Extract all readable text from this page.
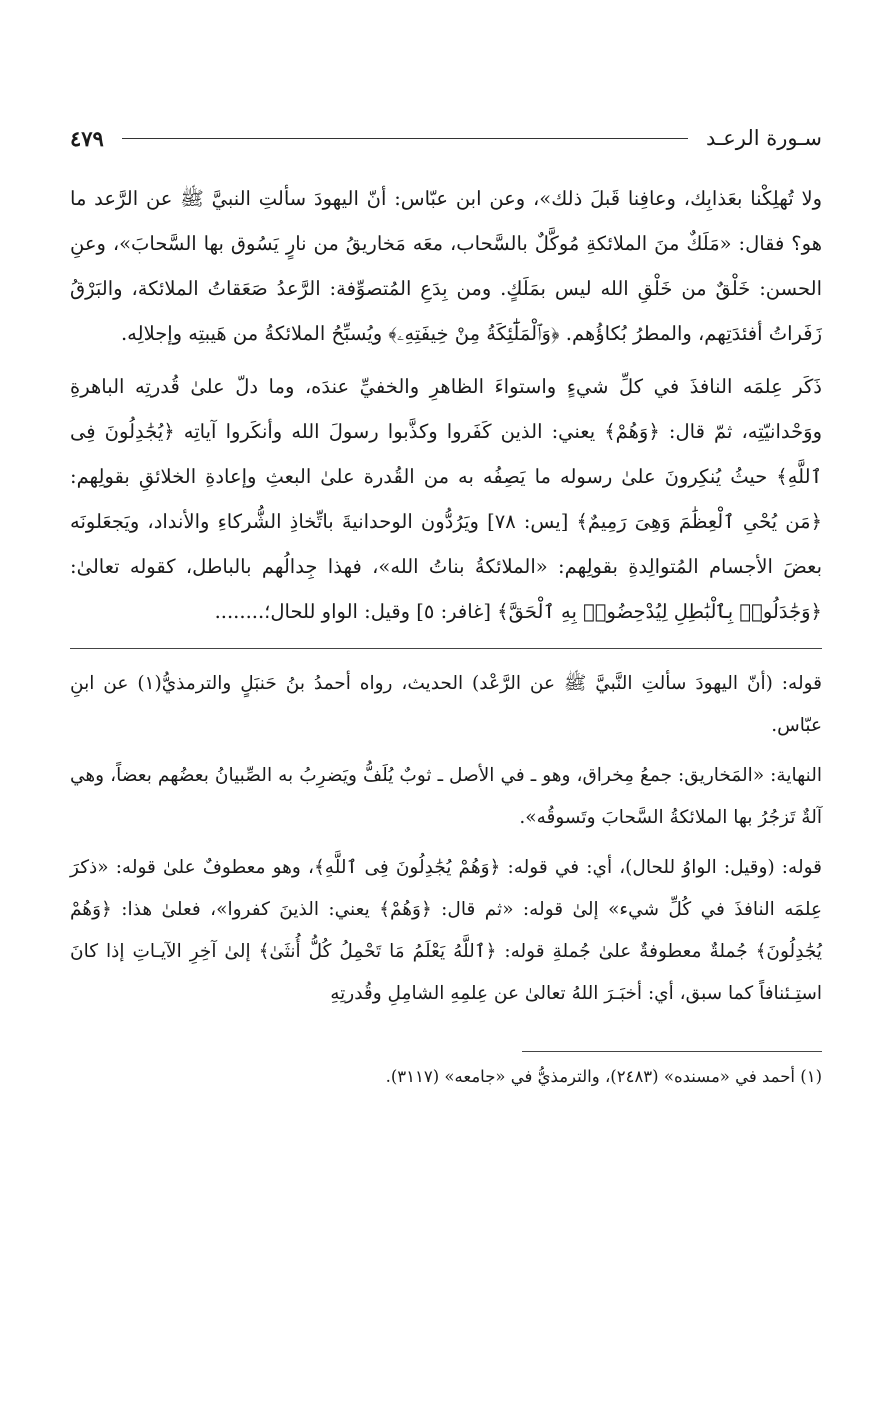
سـورة الرعـد
٤٧٩

ولا تُهلِكْنا بعَذابِك، وعافِنا قَبلَ ذلك»، وعن ابن عبّاس: أنّ اليهودَ سألتِ النبيَّ ﷺ عن الرَّعد ما هو؟ فقال: «مَلَكٌ منَ الملائكةِ مُوكَّلٌ بالسَّحاب، معَه مَخاريقُ من نارٍ يَسُوق بها السَّحابَ»، وعنِ الحسن: خَلْقٌ من خَلْقِ الله ليس بمَلَكٍ. ومن بِدَعِ المُتصوِّفة: الرَّعدُ صَعَقاتُ الملائكة، والبَرْقُ زَفَراتُ أفئدَتِهم، والمطرُ بُكاؤُهم. ﴿وَٱلْمَلَٰٓئِكَةُ مِنْ خِيفَتِهِۦ﴾ ويُسبِّحُ الملائكةُ من هَيبتِه وإجلالِه.

ذَكَر عِلمَه النافذَ في كلِّ شيءٍ واستواءَ الظاهرِ والخفيِّ عندَه، وما دلّ علىٰ قُدرتِه الباهرةِ ووَحْدانيّتِه، ثمّ قال: ﴿وَهُمْ﴾ يعني: الذين كَفَروا وكذَّبوا رسولَ الله وأنكَروا آياتِه ﴿يُجَٰدِلُونَ فِى ٱللَّهِ﴾ حيثُ يُنكِرونَ علىٰ رسوله ما يَصِفُه به من القُدرة علىٰ البعثِ وإعادةِ الخلائقِ بقولِهم: ﴿مَن يُحْىِ ٱلْعِظَٰمَ وَهِىَ رَمِيمٌ﴾ [يس: ٧٨] ويَرُدُّون الوحدانيةَ باتِّخاذِ الشُّركاءِ والأنداد، ويَجعَلونَه بعضَ الأجسام المُتوالِدةِ بقولِهم: «الملائكةُ بناتُ الله»، فهذا جِدالُهم بالباطل، كقوله تعالىٰ: ﴿وَجَٰدَلُوا۟ بِٱلْبَٰطِلِ لِيُدْحِضُوا۟ بِهِ ٱلْحَقَّ﴾ [غافر: ٥] وقيل: الواو للحال؛........

قوله: (أنّ اليهودَ سألتِ النَّبيَّ ﷺ عن الرَّعْد) الحديث، رواه أحمدُ بنُ حَنبَلٍ والترمذيُّ(١) عن ابنِ عبّاس.

النهاية: «المَخاريق: جمعُ مِخراق، وهو ـ في الأصل ـ ثوبٌ يُلَفُّ ويَضرِبُ به الصِّبيانُ بعضُهم بعضاً، وهي آلةٌ تَزجُرُ بها الملائكةُ السَّحابَ وتَسوقُه».

قوله: (وقيل: الواوُ للحال)، أي: في قوله: ﴿وَهُمْ يُجَٰدِلُونَ فِى ٱللَّهِ﴾، وهو معطوفٌ علىٰ قوله: «ذكرَ عِلمَه النافذَ في كُلِّ شيء» إلىٰ قوله: «ثم قال: ﴿وَهُمْ﴾ يعني: الذينَ كفروا»، فعلىٰ هذا: ﴿وَهُمْ يُجَٰدِلُونَ﴾ جُملةٌ معطوفةٌ علىٰ جُملةِ قوله: ﴿ٱللَّهُ يَعْلَمُ مَا تَحْمِلُ كُلُّ أُنثَىٰ﴾ إلىٰ آخِرِ الآيـاتِ إذا كانَ استِـئنافاً كما سبق، أي: أخبَـرَ اللهُ تعالىٰ عن عِلمِهِ الشامِلِ وقُدرتِهِ

(١) أحمد في «مسنده» (٢٤٨٣)، والترمذيُّ في «جامعه» (٣١١٧).
